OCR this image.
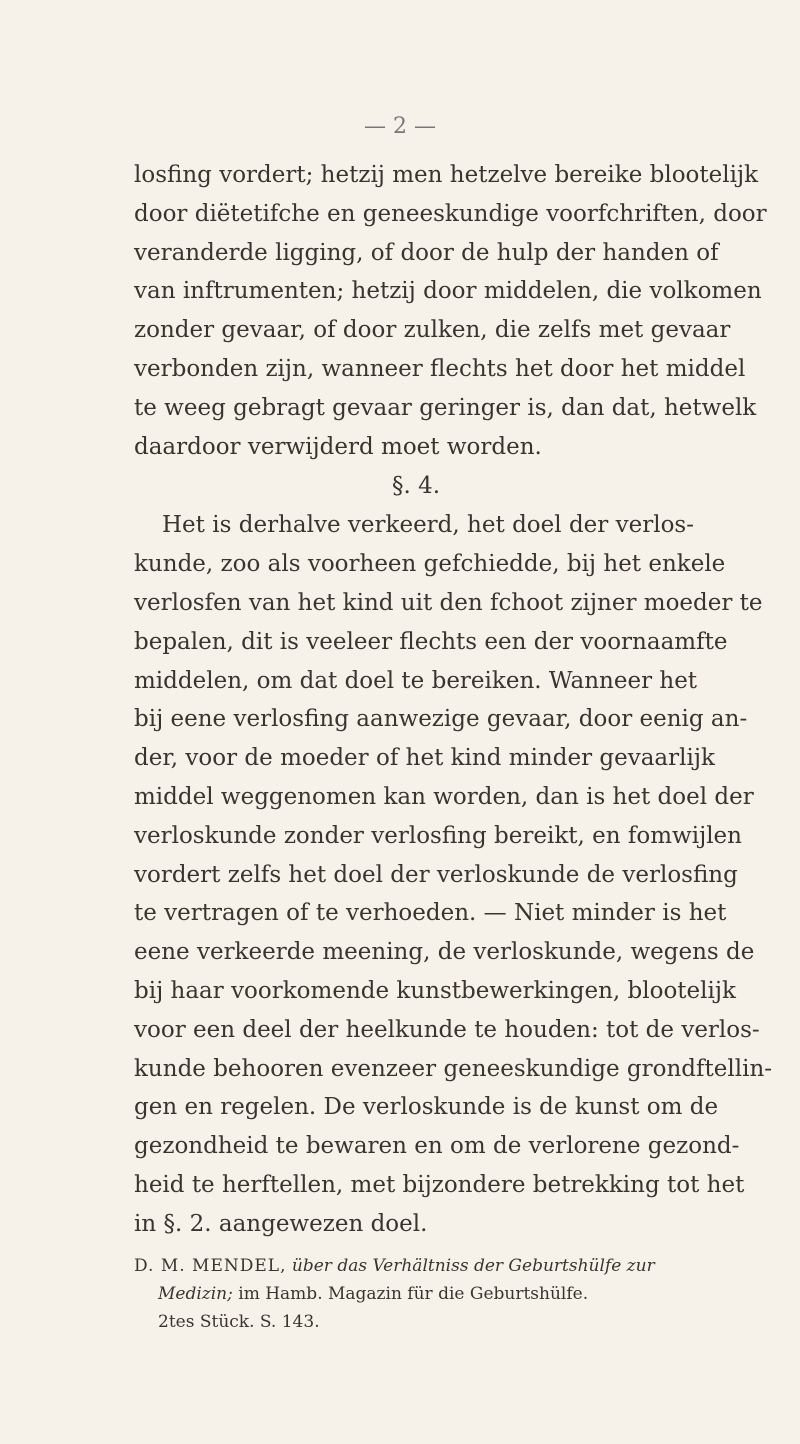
— 2 —
losfing vordert; hetzij men hetzelve bereike blootelijk
door diëtetifche en geneeskundige voorfchriften, door
veranderde ligging, of door de hulp der handen of
van inftrumenten; hetzij door middelen, die volkomen
zonder gevaar, of door zulken, die zelfs met gevaar
verbonden zijn, wanneer flechts het door het middel
te weeg gebragt gevaar geringer is, dan dat, hetwelk
daardoor verwijderd moet worden.
§. 4.
Het is derhalve verkeerd, het doel der verlos-
kunde, zoo als voorheen gefchiedde, bij het enkele
verlosfen van het kind uit den fchoot zijner moeder te
bepalen, dit is veeleer flechts een der voornaamfte
middelen, om dat doel te bereiken. Wanneer het
bij eene verlosfing aanwezige gevaar, door eenig an-
der, voor de moeder of het kind minder gevaarlijk
middel weggenomen kan worden, dan is het doel der
verloskunde zonder verlosfing bereikt, en fomwijlen
vordert zelfs het doel der verloskunde de verlosfing
te vertragen of te verhoeden. — Niet minder is het
eene verkeerde meening, de verloskunde, wegens de
bij haar voorkomende kunstbewerkingen, blootelijk
voor een deel der heelkunde te houden: tot de verlos-
kunde behooren evenzeer geneeskundige grondftellin-
gen en regelen. De verloskunde is de kunst om de
gezondheid te bewaren en om de verlorene gezond-
heid te herftellen, met bijzondere betrekking tot het
in §. 2. aangewezen doel.
D. M. MENDEL, über das Verhältniss der Geburtshülfe zur
Medizin; im Hamb. Magazin für die Geburtshülfe.
2tes Stück. S. 143.
